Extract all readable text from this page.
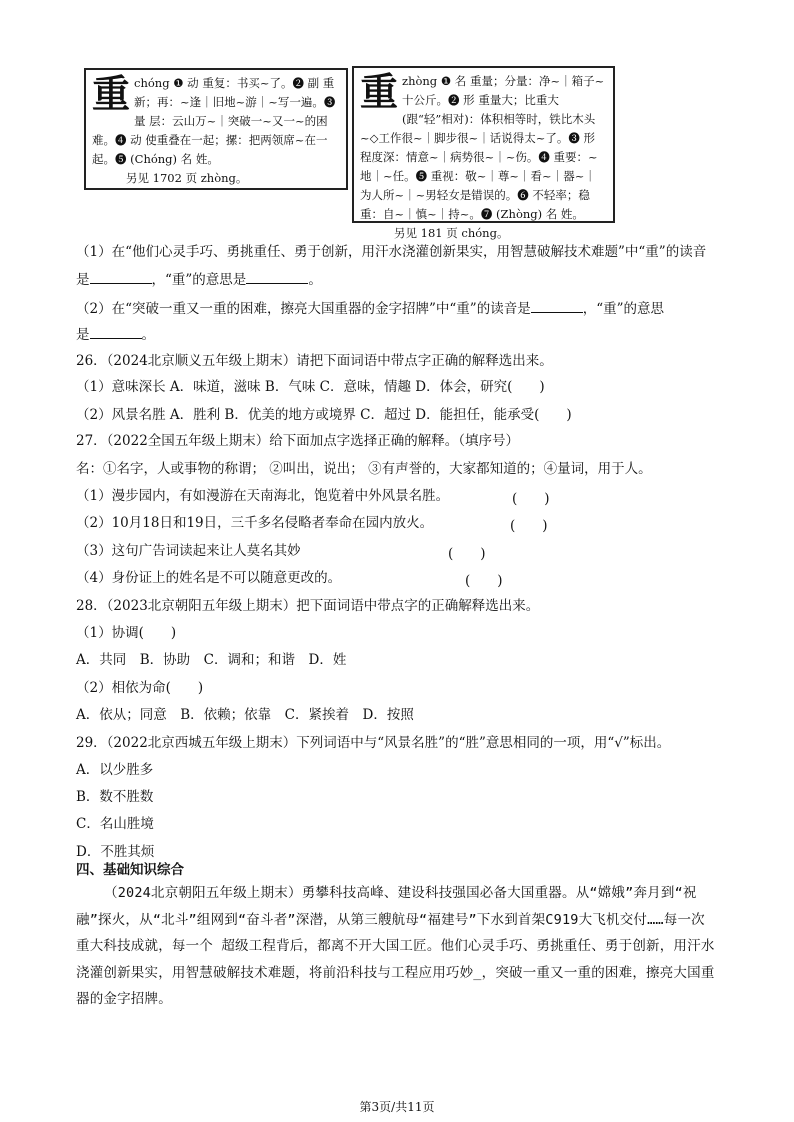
重 chóng ❶ 动 重复：书买~了。❷ 副 重新；再：~逢｜旧地~游｜~写一遍。❸ 量 层：云山万~｜突破一~又一~的困难。❹ 动 使重叠在一起；摞：把两领席~在一起。❺ (Chóng) 名 姓。
另见 1702 页 zhòng。
重 zhòng ❶ 名 重量；分量：净~｜箱子~十公斤。❷ 形 重量大；比重大(跟“轻”相对)：体积相等时，铁比木头~◇工作很~｜脚步很~｜话说得太~了。❸ 形 程度深：情意~｜病势很~｜~伤。❹ 重要：~地｜~任。❺ 重视：敬~｜尊~｜看~｜器~｜为人所~｜~男轻女是错误的。❻ 不轻率；稳重：自~｜慎~｜持~。❼ (Zhòng) 名 姓。
另见 181 页 chóng。
（1）在“他们心灵手巧、勇挑重任、勇于创新，用汗水浇灌创新果实，用智慧破解技术难题”中“重”的读音
是	，“重”的意思是	。
（2）在“突破一重又一重的困难，擦亮大国重器的金字招牌”中“重”的读音是	，“重”的意思
是	。
26．（2024北京顺义五年级上期末）请把下面词语中带点字正确的解释选出来。
（1）意味深长 A．味道，滋味 B．气味 C．意味，情趣 D．体会，研究(　　)
（2）风景名胜 A．胜利 B．优美的地方或境界 C．超过 D．能担任，能承受(　　)
27．（2022全国五年级上期末）给下面加点字选择正确的解释。（填序号）
名：①名字，人或事物的称谓； ②叫出，说出； ③有声誉的，大家都知道的；④量词，用于人。
（1）漫步园内，有如漫游在天南海北，饱览着中外风景名胜。	(　　)
（2）10月18日和19日，三千多名侵略者奉命在园内放火。	(　　)
（3）这句广告词读起来让人莫名其妙	(　　)
（4）身份证上的姓名是不可以随意更改的。	(　　)
28．（2023北京朝阳五年级上期末）把下面词语中带点字的正确解释选出来。
（1）协调(　　)
A．共同　B．协助　C．调和；和谐　D．姓
（2）相依为命(　　)
A．依从；同意　B．依赖；依靠　C．紧挨着　D．按照
29．（2022北京西城五年级上期末）下列词语中与“风景名胜”的“胜”意思相同的一项，用“√”标出。
A．以少胜多
B．数不胜数
C．名山胜境
D．不胜其烦
四、基础知识综合
（2024北京朝阳五年级上期末）勇攀科技高峰、建设科技强国必备大国重器。从“嫦娥”奔月到“祝融”探火，从“北斗”组网到“奋斗者”深潜，从第三艘航母“福建号”下水到首架C919大飞机交付……每一次重大科技成就，每一个 超级工程背后，都离不开大国工匠。他们心灵手巧、勇挑重任、勇于创新，用汗水浇灌创新果实，用智慧破解技术难题，将前沿科技与工程应用巧妙_，突破一重又一重的困难，擦亮大国重器的金字招牌。
第3页/共11页
